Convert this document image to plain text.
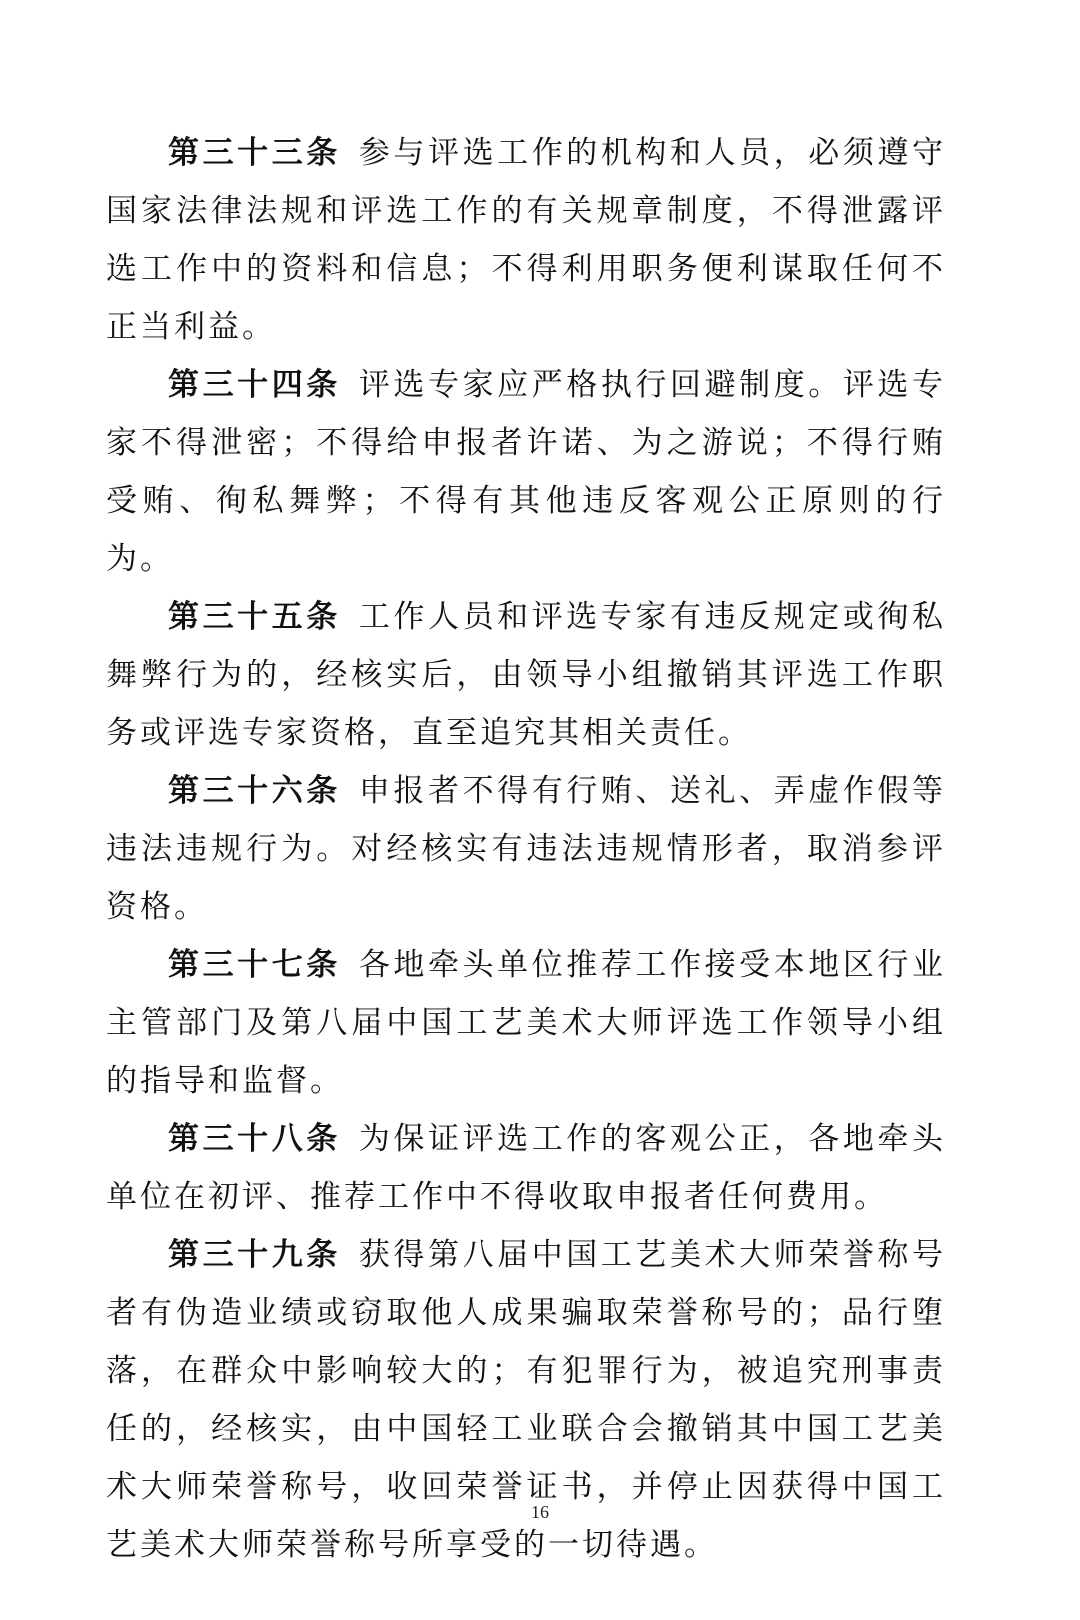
第三十三条 参与评选工作的机构和人员，必须遵守国家法律法规和评选工作的有关规章制度，不得泄露评选工作中的资料和信息；不得利用职务便利谋取任何不正当利益。

第三十四条 评选专家应严格执行回避制度。评选专家不得泄密；不得给申报者许诺、为之游说；不得行贿受贿、徇私舞弊；不得有其他违反客观公正原则的行为。

第三十五条 工作人员和评选专家有违反规定或徇私舞弊行为的，经核实后，由领导小组撤销其评选工作职务或评选专家资格，直至追究其相关责任。

第三十六条 申报者不得有行贿、送礼、弄虚作假等违法违规行为。对经核实有违法违规情形者，取消参评资格。

第三十七条 各地牵头单位推荐工作接受本地区行业主管部门及第八届中国工艺美术大师评选工作领导小组的指导和监督。

第三十八条 为保证评选工作的客观公正，各地牵头单位在初评、推荐工作中不得收取申报者任何费用。

第三十九条 获得第八届中国工艺美术大师荣誉称号者有伪造业绩或窃取他人成果骗取荣誉称号的；品行堕落，在群众中影响较大的；有犯罪行为，被追究刑事责任的，经核实，由中国轻工业联合会撤销其中国工艺美术大师荣誉称号，收回荣誉证书，并停止因获得中国工艺美术大师荣誉称号所享受的一切待遇。

16
